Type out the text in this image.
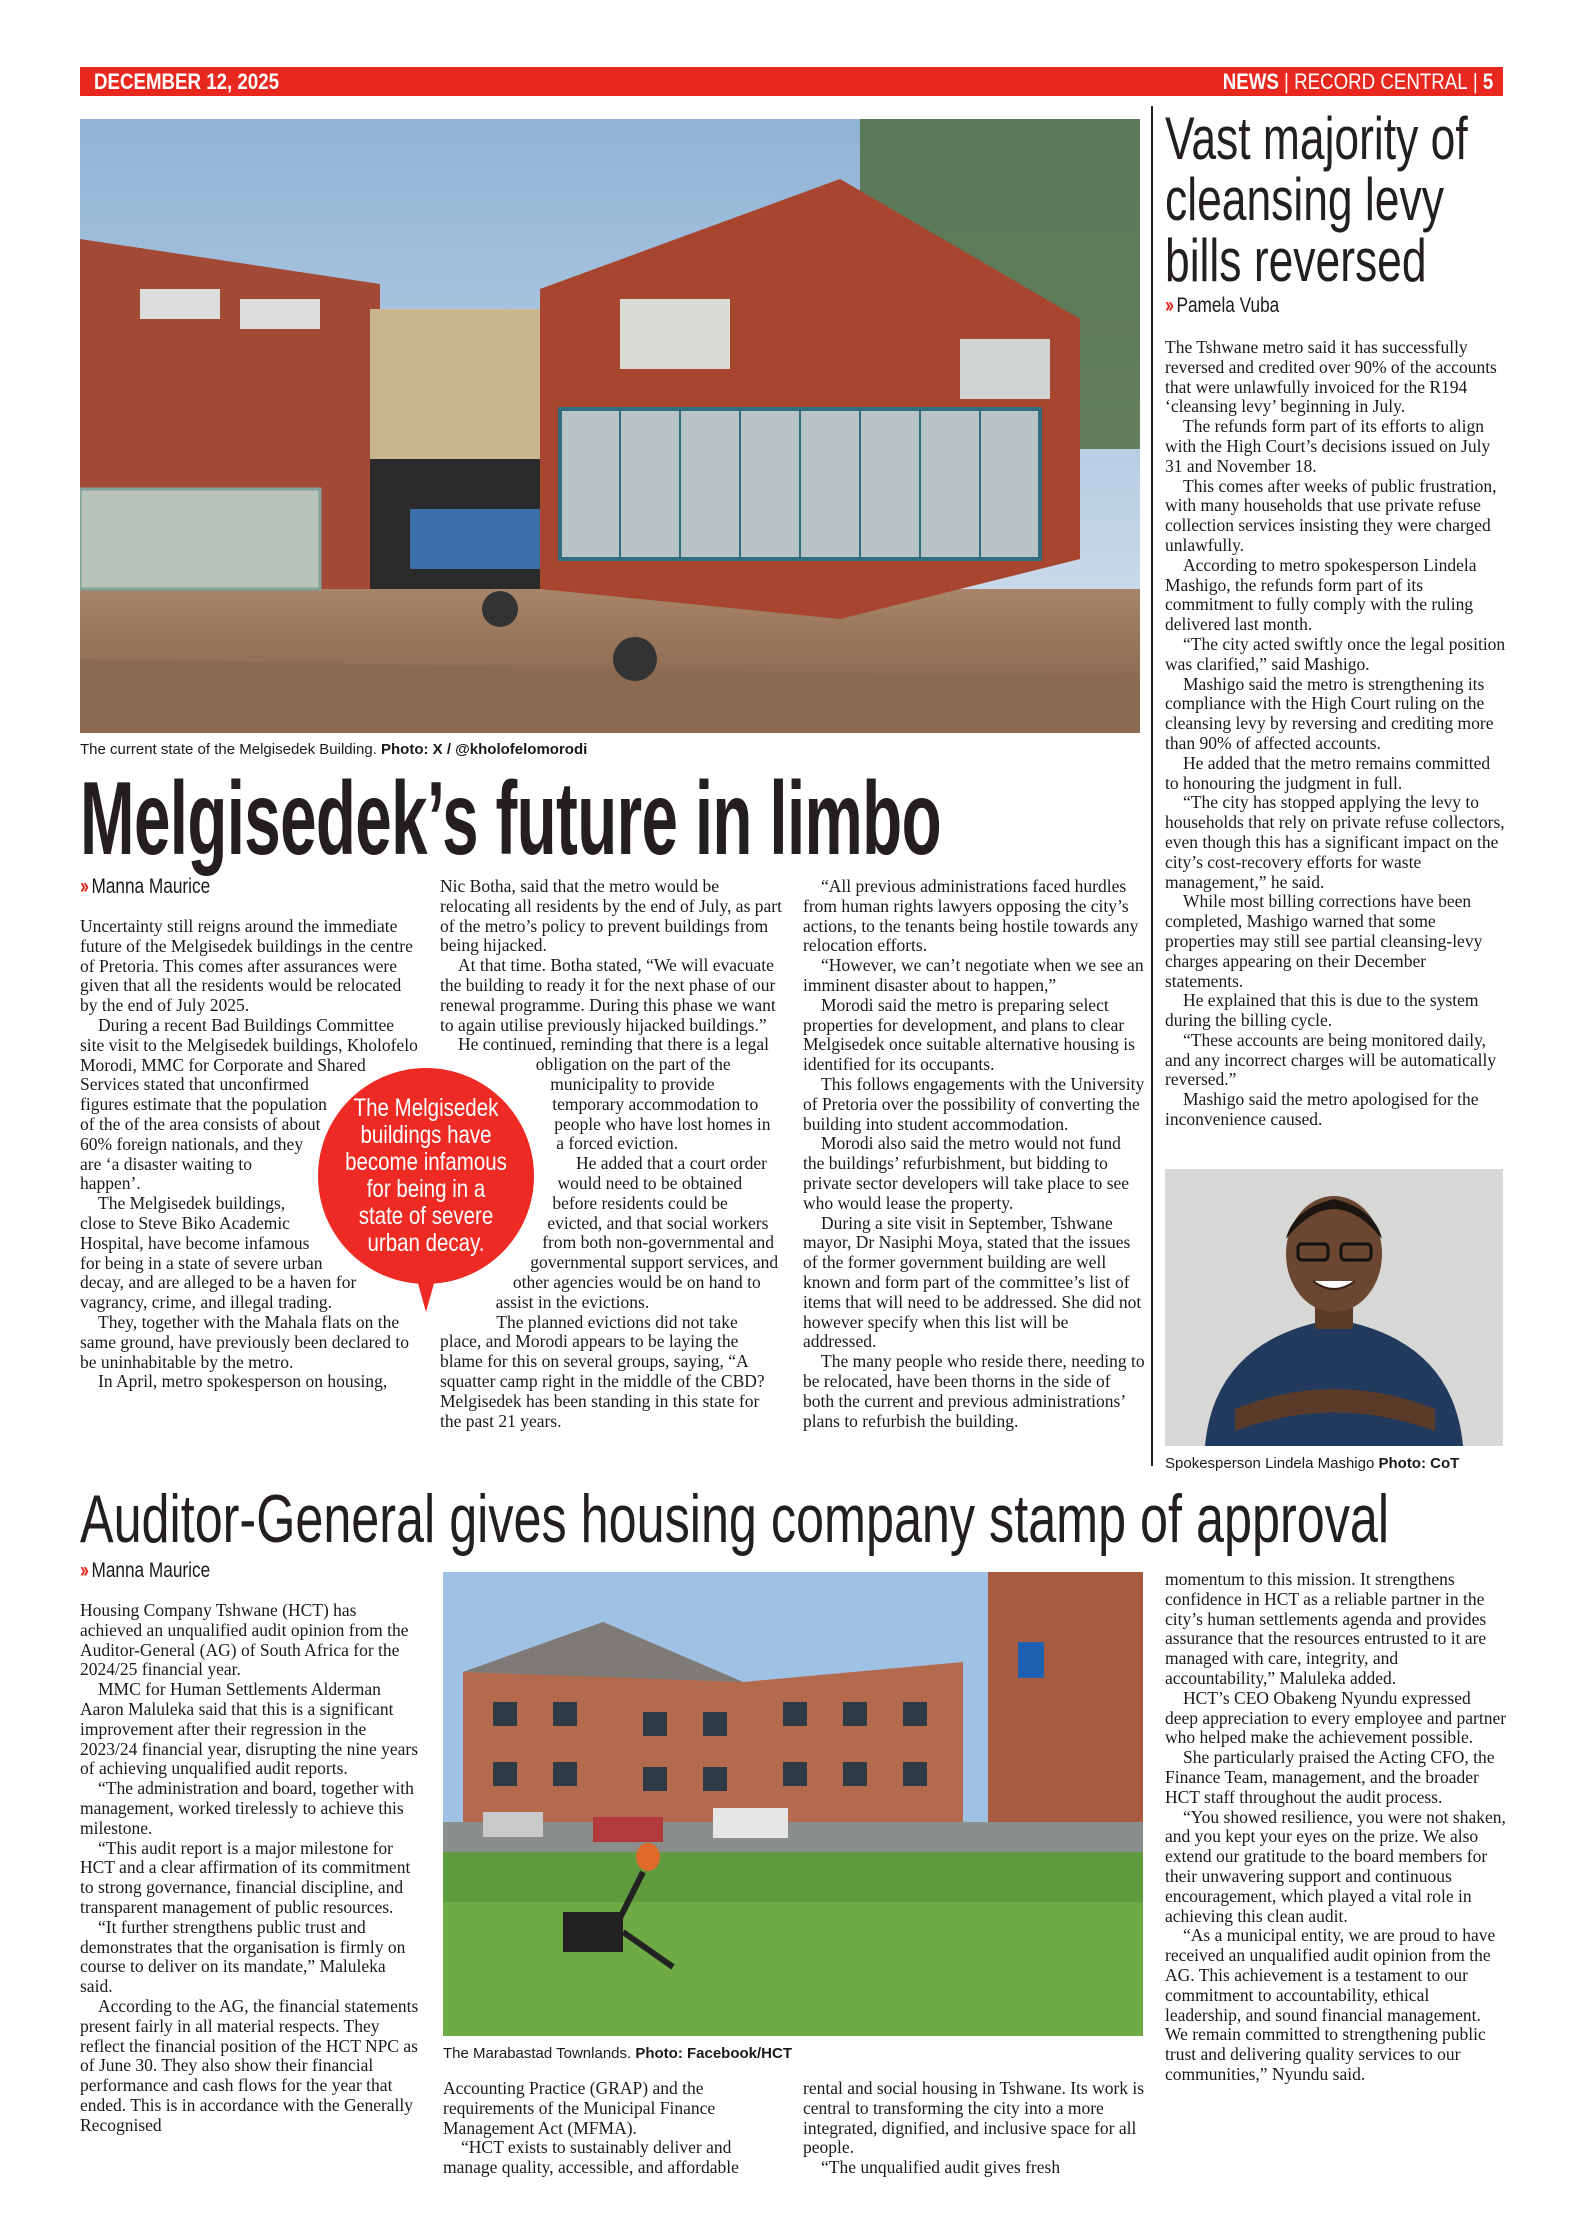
DECEMBER 12, 2025	NEWS | RECORD CENTRAL | 5
The current state of the Melgisedek Building. Photo: X / @kholofelomorodi
Melgisedek’s future in limbo
›› Manna Maurice

Uncertainty still reigns around the immediate future of the Melgisedek buildings in the centre of Pretoria. This comes after assurances were given that all the residents would be relocated by the end of July 2025.

During a recent Bad Buildings Committee site visit to the Melgisedek buildings, Kholofelo Morodi, MMC for Corporate and Shared Services stated that unconfirmed figures estimate that the population of the of the area consists of about 60% foreign nationals, and they are ‘a disaster waiting to happen’.

The Melgisedek buildings, close to Steve Biko Academic Hospital, have become infamous for being in a state of severe urban decay, and are alleged to be a haven for vagrancy, crime, and illegal trading.

They, together with the Mahala flats on the same ground, have previously been declared to be uninhabitable by the metro.

In April, metro spokesperson on housing,

Nic Botha, said that the metro would be relocating all residents by the end of July, as part of the metro’s policy to prevent buildings from being hijacked.

At that time. Botha stated, “We will evacuate the building to ready it for the next phase of our renewal programme. During this phase we want to again utilise previously hijacked buildings.”

He continued, reminding that there is a legal obligation on the part of the municipality to provide temporary accommodation to people who have lost homes in a forced eviction.

He added that a court order would need to be obtained before residents could be evicted, and that social workers from both non-governmental and governmental support services, and other agencies would be on hand to assist in the evictions.

The planned evictions did not take place, and Morodi appears to be laying the blame for this on several groups, saying, “A squatter camp right in the middle of the CBD? Melgisedek has been standing in this state for the past 21 years.

“All previous administrations faced hurdles from human rights lawyers opposing the city’s actions, to the tenants being hostile towards any relocation efforts.

“However, we can’t negotiate when we see an imminent disaster about to happen,”

Morodi said the metro is preparing select properties for development, and plans to clear Melgisedek once suitable alternative housing is identified for its occupants.

This follows engagements with the University of Pretoria over the possibility of converting the building into student accommodation.

Morodi also said the metro would not fund the buildings’ refurbishment, but bidding to private sector developers will take place to see who would lease the property.

During a site visit in September, Tshwane mayor, Dr Nasiphi Moya, stated that the issues of the former government building are well known and form part of the committee’s list of items that will need to be addressed. She did not however specify when this list will be addressed.

The many people who reside there, needing to be relocated, have been thorns in the side of both the current and previous administrations’ plans to refurbish the building.

The Melgisedek buildings have become infamous for being in a state of severe urban decay.
Vast majority of
cleansing levy
bills reversed
›› Pamela Vuba

The Tshwane metro said it has successfully reversed and credited over 90% of the accounts that were unlawfully invoiced for the R194 ‘cleansing levy’ beginning in July.

The refunds form part of its efforts to align with the High Court’s decisions issued on July 31 and November 18.

This comes after weeks of public frustration, with many households that use private refuse collection services insisting they were charged unlawfully.

According to metro spokesperson Lindela Mashigo, the refunds form part of its commitment to fully comply with the ruling delivered last month.

“The city acted swiftly once the legal position was clarified,” said Mashigo.

Mashigo said the metro is strengthening its compliance with the High Court ruling on the cleansing levy by reversing and crediting more than 90% of affected accounts.

He added that the metro remains committed to honouring the judgment in full.

“The city has stopped applying the levy to households that rely on private refuse collectors, even though this has a significant impact on the city’s cost-recovery efforts for waste management,” he said.

While most billing corrections have been completed, Mashigo warned that some properties may still see partial cleansing-levy charges appearing on their December statements.

He explained that this is due to the system during the billing cycle.

“These accounts are being monitored daily, and any incorrect charges will be automatically reversed.”

Mashigo said the metro apologised for the inconvenience caused.

Spokesperson Lindela Mashigo Photo: CoT
Auditor-General gives housing company stamp of approval
›› Manna Maurice

Housing Company Tshwane (HCT) has achieved an unqualified audit opinion from the Auditor-General (AG) of South Africa for the 2024/25 financial year.

MMC for Human Settlements Alderman Aaron Maluleka said that this is a significant improvement after their regression in the 2023/24 financial year, disrupting the nine years of achieving unqualified audit reports.

“The administration and board, together with management, worked tirelessly to achieve this milestone.

“This audit report is a major milestone for HCT and a clear affirmation of its commitment to strong governance, financial discipline, and transparent management of public resources.

“It further strengthens public trust and demonstrates that the organisation is firmly on course to deliver on its mandate,” Maluleka said.

According to the AG, the financial statements present fairly in all material respects. They reflect the financial position of the HCT NPC as of June 30. They also show their financial performance and cash flows for the year that ended. This is in accordance with the Generally Recognised

The Marabastad Townlands. Photo: Facebook/HCT

Accounting Practice (GRAP) and the requirements of the Municipal Finance Management Act (MFMA).

“HCT exists to sustainably deliver and manage quality, accessible, and affordable

rental and social housing in Tshwane. Its work is central to transforming the city into a more integrated, dignified, and inclusive space for all people.

“The unqualified audit gives fresh

momentum to this mission. It strengthens confidence in HCT as a reliable partner in the city’s human settlements agenda and provides assurance that the resources entrusted to it are managed with care, integrity, and accountability,” Maluleka added.

HCT’s CEO Obakeng Nyundu expressed deep appreciation to every employee and partner who helped make the achievement possible.

She particularly praised the Acting CFO, the Finance Team, management, and the broader HCT staff throughout the audit process.

“You showed resilience, you were not shaken, and you kept your eyes on the prize. We also extend our gratitude to the board members for their unwavering support and continuous encouragement, which played a vital role in achieving this clean audit.

“As a municipal entity, we are proud to have received an unqualified audit opinion from the AG. This achievement is a testament to our commitment to accountability, ethical leadership, and sound financial management. We remain committed to strengthening public trust and delivering quality services to our communities,” Nyundu said.
